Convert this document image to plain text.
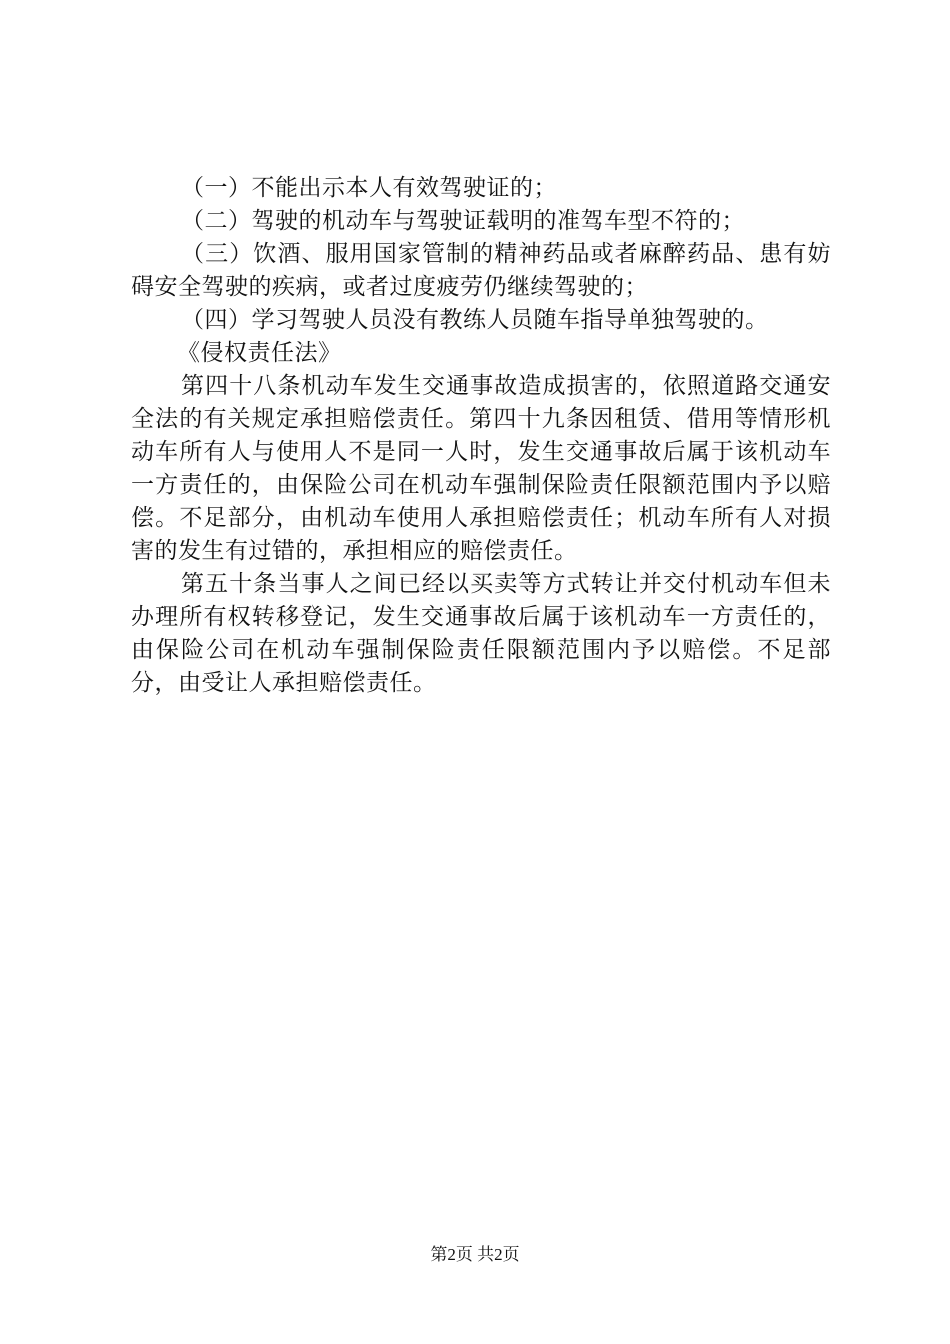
（一）不能出示本人有效驾驶证的；

（二）驾驶的机动车与驾驶证载明的准驾车型不符的；

（三）饮酒、服用国家管制的精神药品或者麻醉药品、患有妨碍安全驾驶的疾病，或者过度疲劳仍继续驾驶的；

（四）学习驾驶人员没有教练人员随车指导单独驾驶的。

《侵权责任法》

第四十八条机动车发生交通事故造成损害的，依照道路交通安全法的有关规定承担赔偿责任。第四十九条因租赁、借用等情形机动车所有人与使用人不是同一人时，发生交通事故后属于该机动车一方责任的，由保险公司在机动车强制保险责任限额范围内予以赔偿。不足部分，由机动车使用人承担赔偿责任；机动车所有人对损害的发生有过错的，承担相应的赔偿责任。

第五十条当事人之间已经以买卖等方式转让并交付机动车但未办理所有权转移登记，发生交通事故后属于该机动车一方责任的，由保险公司在机动车强制保险责任限额范围内予以赔偿。不足部分，由受让人承担赔偿责任。

第2页 共2页
